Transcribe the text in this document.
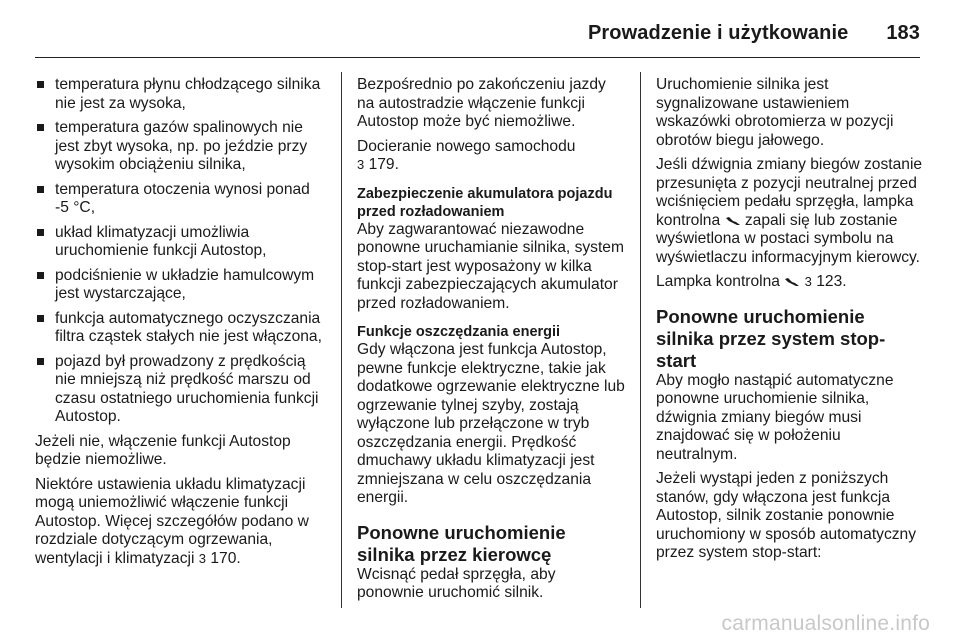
Prowadzenie i użytkowanie 183
temperatura płynu chłodzącego silnika nie jest za wysoka,
temperatura gazów spalinowych nie jest zbyt wysoka, np. po jeździe przy wysokim obciążeniu silnika,
temperatura otoczenia wynosi ponad -5 °C,
układ klimatyzacji umożliwia uruchomienie funkcji Autostop,
podciśnienie w układzie hamulcowym jest wystarczające,
funkcja automatycznego oczyszczania filtra cząstek stałych nie jest włączona,
pojazd był prowadzony z prędkością nie mniejszą niż prędkość marszu od czasu ostatniego uruchomienia funkcji Autostop.

Jeżeli nie, włączenie funkcji Autostop będzie niemożliwe.

Niektóre ustawienia układu klimatyzacji mogą uniemożliwić włączenie funkcji Autostop. Więcej szczegółów podano w rozdziale dotyczącym ogrzewania, wentylacji i klimatyzacji 3 170.

Bezpośrednio po zakończeniu jazdy na autostradzie włączenie funkcji Autostop może być niemożliwe.

Docieranie nowego samochodu
3 179.

Zabezpieczenie akumulatora pojazdu przed rozładowaniem

Aby zagwarantować niezawodne ponowne uruchamianie silnika, system stop-start jest wyposażony w kilka funkcji zabezpieczających akumulator przed rozładowaniem.

Funkcje oszczędzania energii

Gdy włączona jest funkcja Autostop, pewne funkcje elektryczne, takie jak dodatkowe ogrzewanie elektryczne lub ogrzewanie tylnej szyby, zostają wyłączone lub przełączone w tryb oszczędzania energii. Prędkość dmuchawy układu klimatyzacji jest zmniejszana w celu oszczędzania energii.

Ponowne uruchomienie silnika przez kierowcę

Wcisnąć pedał sprzęgła, aby ponownie uruchomić silnik.

Uruchomienie silnika jest sygnalizowane ustawieniem wskazówki obrotomierza w pozycji obrotów biegu jałowego.

Jeśli dźwignia zmiany biegów zostanie przesunięta z pozycji neutralnej przed wciśnięciem pedału sprzęgła, lampka kontrolna zapali się lub zostanie wyświetlona w postaci symbolu na wyświetlaczu informacyjnym kierowcy.

Lampka kontrolna 3 123.

Ponowne uruchomienie silnika przez system stop-start

Aby mogło nastąpić automatyczne ponowne uruchomienie silnika, dźwignia zmiany biegów musi znajdować się w położeniu neutralnym.

Jeżeli wystąpi jeden z poniższych stanów, gdy włączona jest funkcja Autostop, silnik zostanie ponownie uruchomiony w sposób automatyczny przez system stop-start:

carmanualsonline.info
